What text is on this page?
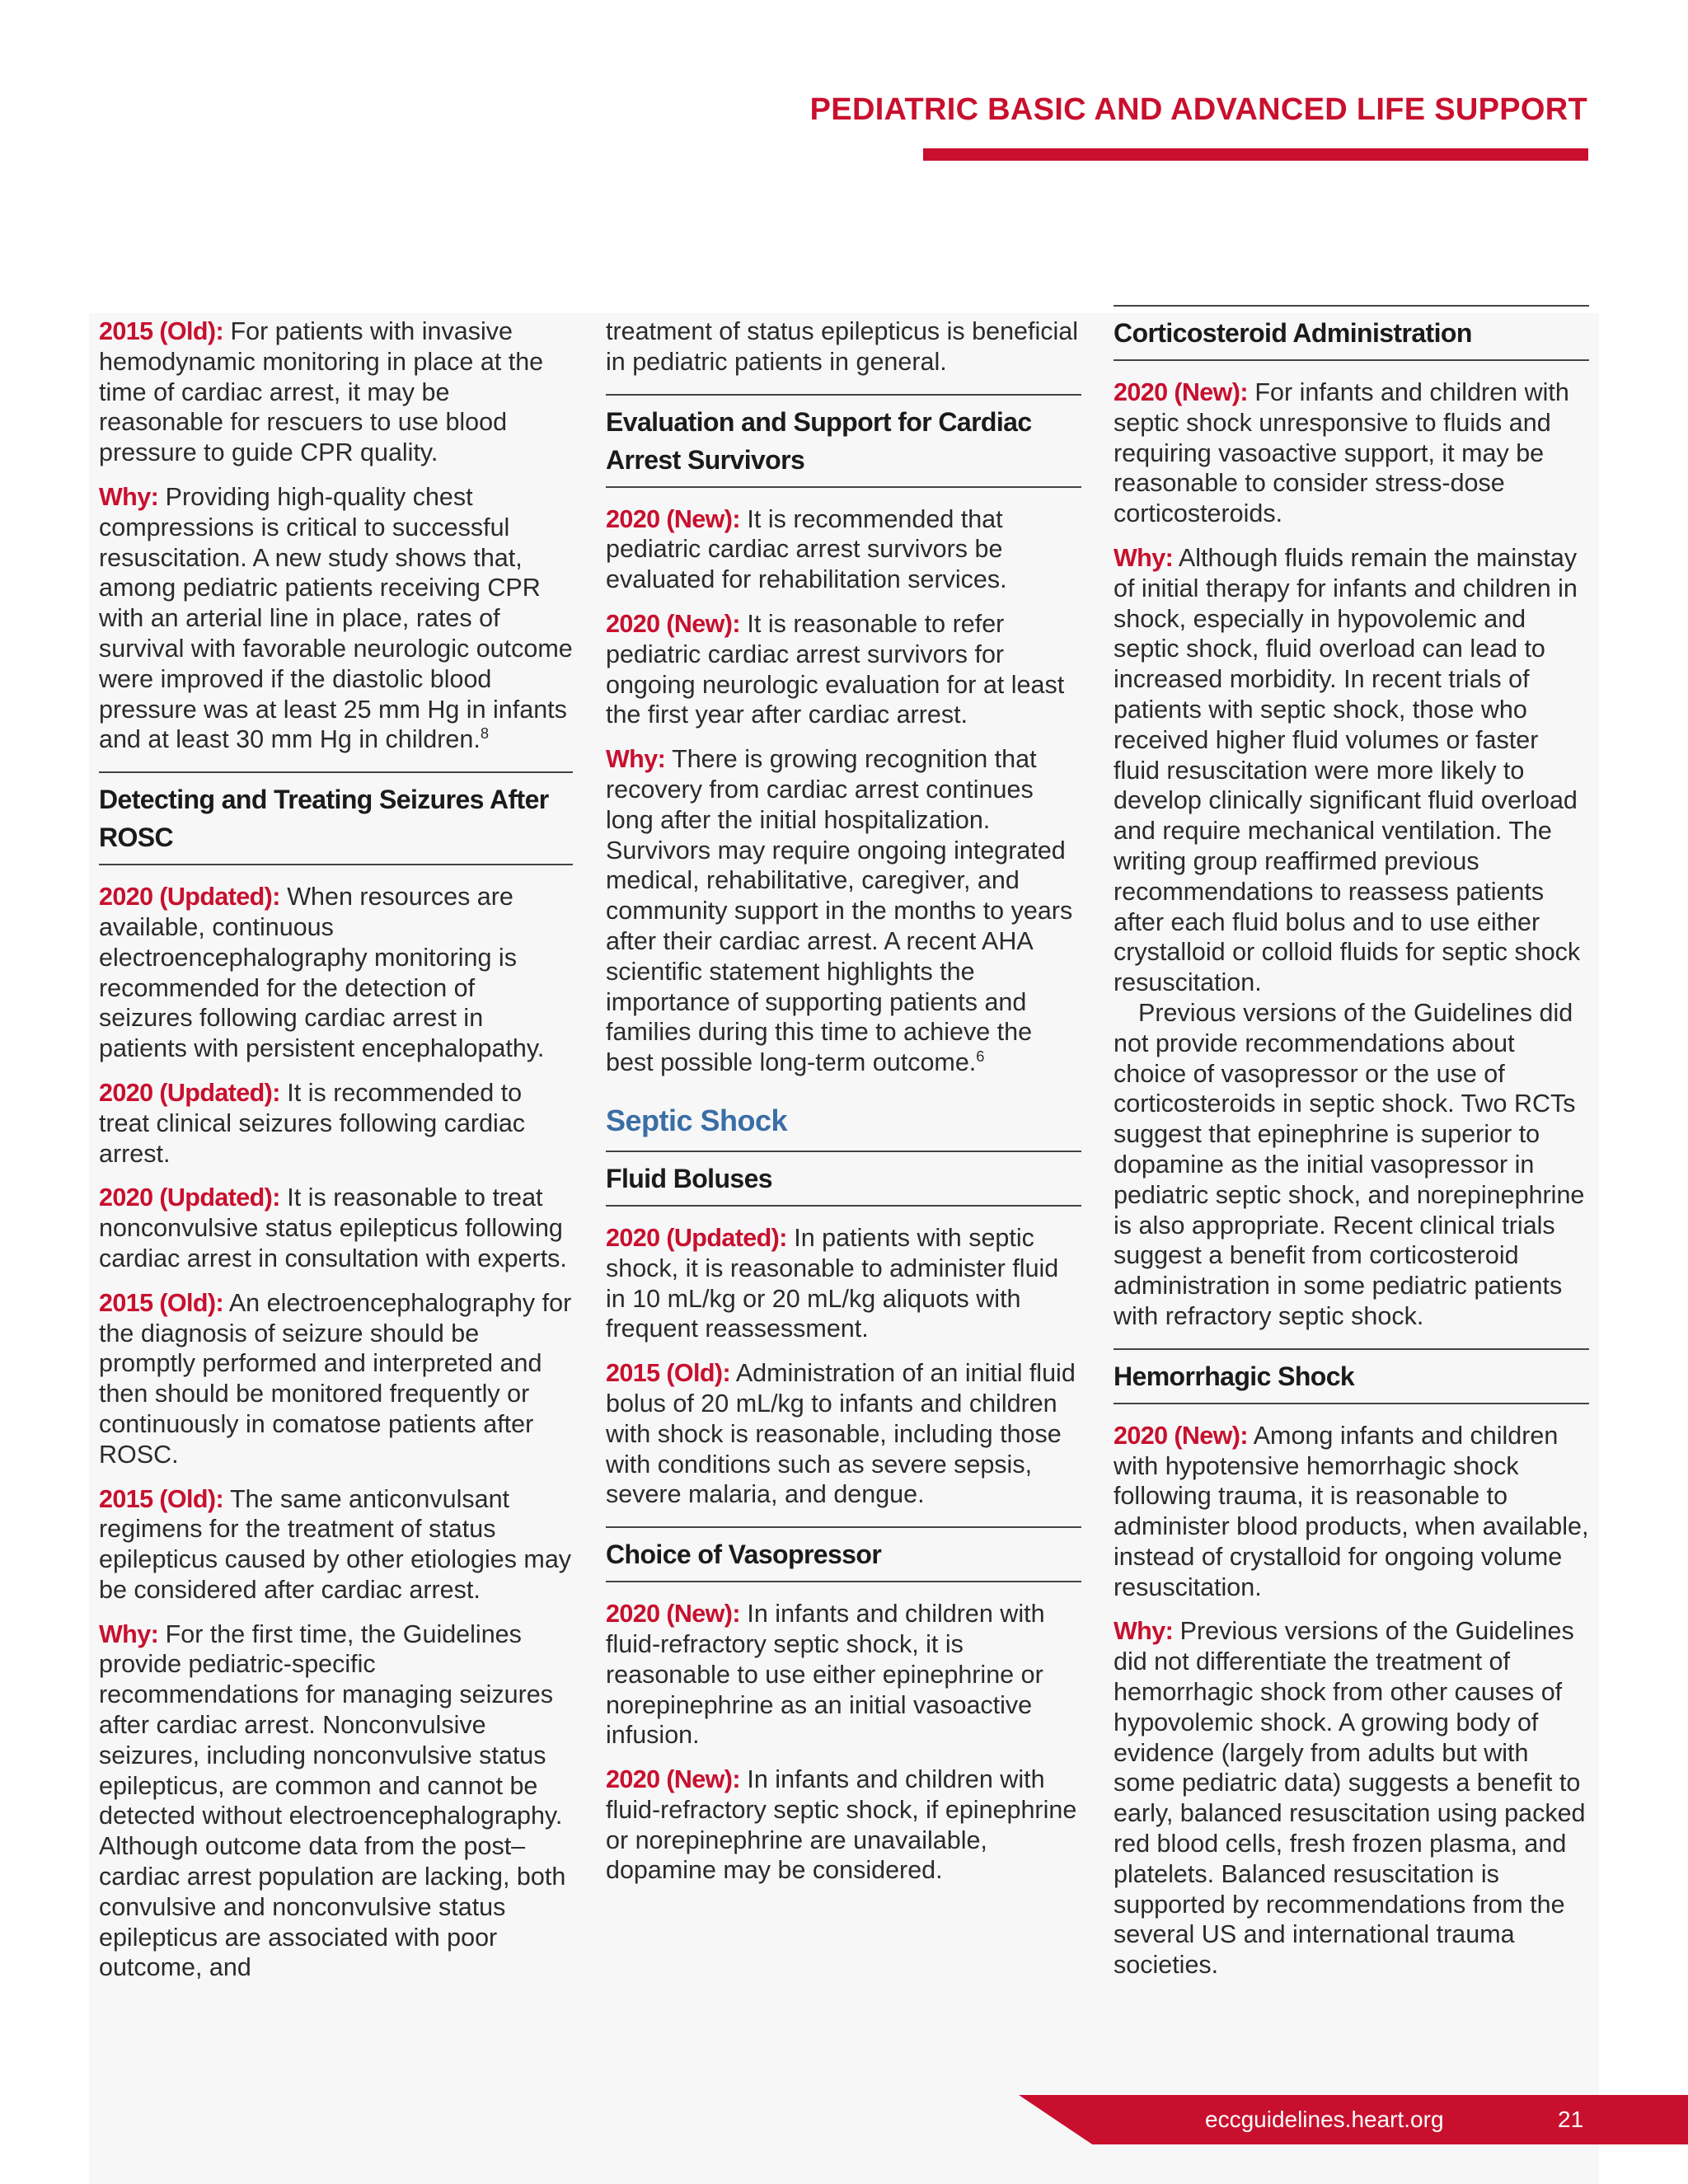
PEDIATRIC BASIC AND ADVANCED LIFE SUPPORT

2015 (Old): For patients with invasive hemodynamic monitoring in place at the time of cardiac arrest, it may be reasonable for rescuers to use blood pressure to guide CPR quality.

Why: Providing high-quality chest compressions is critical to successful resuscitation. A new study shows that, among pediatric patients receiving CPR with an arterial line in place, rates of survival with favorable neurologic outcome were improved if the diastolic blood pressure was at least 25 mm Hg in infants and at least 30 mm Hg in children.$^8$

Detecting and Treating Seizures After ROSC

2020 (Updated): When resources are available, continuous electroencephalography monitoring is recommended for the detection of seizures following cardiac arrest in patients with persistent encephalopathy.

2020 (Updated): It is recommended to treat clinical seizures following cardiac arrest.

2020 (Updated): It is reasonable to treat nonconvulsive status epilepticus following cardiac arrest in consultation with experts.

2015 (Old): An electroencephalography for the diagnosis of seizure should be promptly performed and interpreted and then should be monitored frequently or continuously in comatose patients after ROSC.

2015 (Old): The same anticonvulsant regimens for the treatment of status epilepticus caused by other etiologies may be considered after cardiac arrest.

Why: For the first time, the Guidelines provide pediatric-specific recommendations for managing seizures after cardiac arrest. Nonconvulsive seizures, including nonconvulsive status epilepticus, are common and cannot be detected without electroencephalography. Although outcome data from the post–cardiac arrest population are lacking, both convulsive and nonconvulsive status epilepticus are associated with poor outcome, and

treatment of status epilepticus is beneficial in pediatric patients in general.

Evaluation and Support for Cardiac Arrest Survivors

2020 (New): It is recommended that pediatric cardiac arrest survivors be evaluated for rehabilitation services.

2020 (New): It is reasonable to refer pediatric cardiac arrest survivors for ongoing neurologic evaluation for at least the first year after cardiac arrest.

Why: There is growing recognition that recovery from cardiac arrest continues long after the initial hospitalization. Survivors may require ongoing integrated medical, rehabilitative, caregiver, and community support in the months to years after their cardiac arrest. A recent AHA scientific statement highlights the importance of supporting patients and families during this time to achieve the best possible long-term outcome.$^6$

Septic Shock
Fluid Boluses

2020 (Updated): In patients with septic shock, it is reasonable to administer fluid in 10 mL/kg or 20 mL/kg aliquots with frequent reassessment.

2015 (Old): Administration of an initial fluid bolus of 20 mL/kg to infants and children with shock is reasonable, including those with conditions such as severe sepsis, severe malaria, and dengue.

Choice of Vasopressor

2020 (New): In infants and children with fluid-refractory septic shock, it is reasonable to use either epinephrine or norepinephrine as an initial vasoactive infusion.

2020 (New): In infants and children with fluid-refractory septic shock, if epinephrine or norepinephrine are unavailable, dopamine may be considered.

Corticosteroid Administration

2020 (New): For infants and children with septic shock unresponsive to fluids and requiring vasoactive support, it may be reasonable to consider stress-dose corticosteroids.

Why: Although fluids remain the mainstay of initial therapy for infants and children in shock, especially in hypovolemic and septic shock, fluid overload can lead to increased morbidity. In recent trials of patients with septic shock, those who received higher fluid volumes or faster fluid resuscitation were more likely to develop clinically significant fluid overload and require mechanical ventilation. The writing group reaffirmed previous recommendations to reassess patients after each fluid bolus and to use either crystalloid or colloid fluids for septic shock resuscitation.

Previous versions of the Guidelines did not provide recommendations about choice of vasopressor or the use of corticosteroids in septic shock. Two RCTs suggest that epinephrine is superior to dopamine as the initial vasopressor in pediatric septic shock, and norepinephrine is also appropriate. Recent clinical trials suggest a benefit from corticosteroid administration in some pediatric patients with refractory septic shock.

Hemorrhagic Shock

2020 (New): Among infants and children with hypotensive hemorrhagic shock following trauma, it is reasonable to administer blood products, when available, instead of crystalloid for ongoing volume resuscitation.

Why: Previous versions of the Guidelines did not differentiate the treatment of hemorrhagic shock from other causes of hypovolemic shock. A growing body of evidence (largely from adults but with some pediatric data) suggests a benefit to early, balanced resuscitation using packed red blood cells, fresh frozen plasma, and platelets. Balanced resuscitation is supported by recommendations from the several US and international trauma societies.

eccguidelines.heart.org	21
